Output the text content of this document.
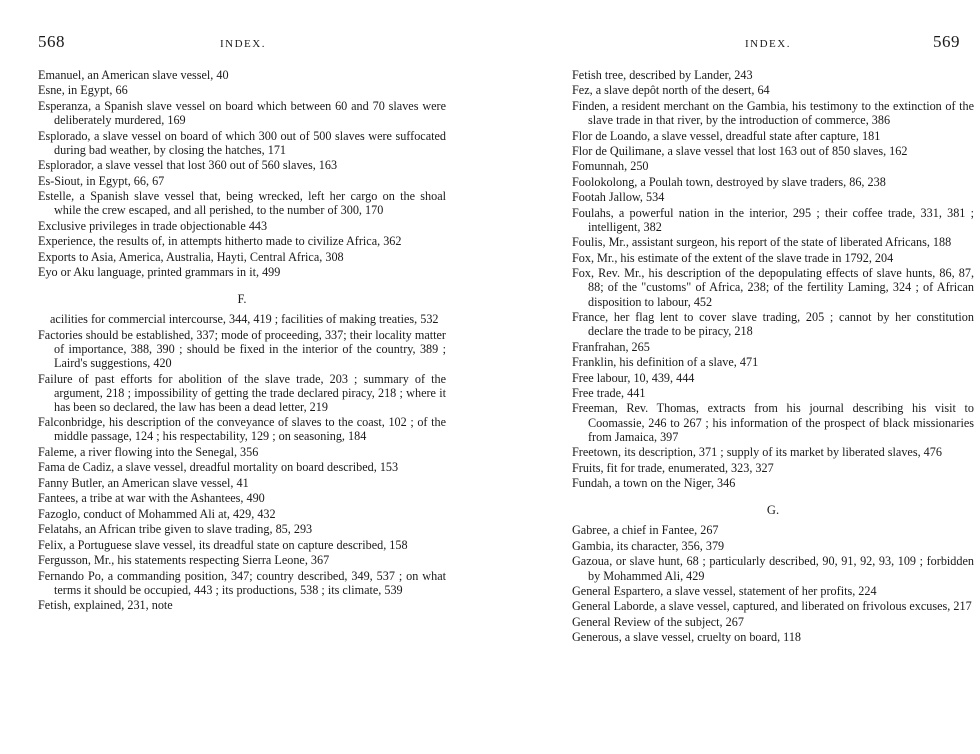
568	INDEX.

Emanuel, an American slave vessel, 40

Esne, in Egypt, 66

Esperanza, a Spanish slave vessel on board which between 60 and 70 slaves were deliberately murdered, 169

Esplorado, a slave vessel on board of which 300 out of 500 slaves were suffocated during bad weather, by closing the hatches, 171

Esplorador, a slave vessel that lost 360 out of 560 slaves, 163

Es-Siout, in Egypt, 66, 67

Estelle, a Spanish slave vessel that, being wrecked, left her cargo on the shoal while the crew escaped, and all perished, to the number of 300, 170

Exclusive privileges in trade objectionable 443

Experience, the results of, in attempts hitherto made to civilize Africa, 362

Exports to Asia, America, Australia, Hayti, Central Africa, 308

Eyo or Aku language, printed grammars in it, 499

F.

acilities for commercial intercourse, 344, 419 ; facilities of making treaties, 532

Factories should be established, 337; mode of proceeding, 337; their locality matter of importance, 388, 390 ; should be fixed in the interior of the country, 389 ; Laird's suggestions, 420

Failure of past efforts for abolition of the slave trade, 203 ; summary of the argument, 218 ; impossibility of getting the trade declared piracy, 218 ; where it has been so declared, the law has been a dead letter, 219

Falconbridge, his description of the conveyance of slaves to the coast, 102 ; of the middle passage, 124 ; his respectability, 129 ; on seasoning, 184

Faleme, a river flowing into the Senegal, 356

Fama de Cadiz, a slave vessel, dreadful mortality on board described, 153

Fanny Butler, an American slave vessel, 41

Fantees, a tribe at war with the Ashantees, 490

Fazoglo, conduct of Mohammed Ali at, 429, 432

Felatahs, an African tribe given to slave trading, 85, 293

Felix, a Portuguese slave vessel, its dreadful state on capture described, 158

Fergusson, Mr., his statements respecting Sierra Leone, 367

Fernando Po, a commanding position, 347; country described, 349, 537 ; on what terms it should be occupied, 443 ; its productions, 538 ; its climate, 539

Fetish, explained, 231, note

569
INDEX.

Fetish tree, described by Lander, 243

Fez, a slave depôt north of the desert, 64

Finden, a resident merchant on the Gambia, his testimony to the extinction of the slave trade in that river, by the introduction of commerce, 386

Flor de Loando, a slave vessel, dreadful state after capture, 181

Flor de Quilimane, a slave vessel that lost 163 out of 850 slaves, 162

Fomunnah, 250

Foolokolong, a Poulah town, destroyed by slave traders, 86, 238

Footah Jallow, 534

Foulahs, a powerful nation in the interior, 295 ; their coffee trade, 331, 381 ; intelligent, 382

Foulis, Mr., assistant surgeon, his report of the state of liberated Africans, 188

Fox, Mr., his estimate of the extent of the slave trade in 1792, 204

Fox, Rev. Mr., his description of the depopulating effects of slave hunts, 86, 87, 88; of the "customs" of Africa, 238; of the fertility Laming, 324 ; of African disposition to labour, 452

France, her flag lent to cover slave trading, 205 ; cannot by her constitution declare the trade to be piracy, 218

Franfrahan, 265

Franklin, his definition of a slave, 471

Free labour, 10, 439, 444

Free trade, 441

Freeman, Rev. Thomas, extracts from his journal describing his visit to Coomassie, 246 to 267 ; his information of the prospect of black missionaries from Jamaica, 397

Freetown, its description, 371 ; supply of its market by liberated slaves, 476

Fruits, fit for trade, enumerated, 323, 327

Fundah, a town on the Niger, 346

G.

Gabree, a chief in Fantee, 267

Gambia, its character, 356, 379

Gazoua, or slave hunt, 68 ; particularly described, 90, 91, 92, 93, 109 ; forbidden by Mohammed Ali, 429

General Espartero, a slave vessel, statement of her profits, 224

General Laborde, a slave vessel, captured, and liberated on frivolous excuses, 217

General Review of the subject, 267

Generous, a slave vessel, cruelty on board, 118
